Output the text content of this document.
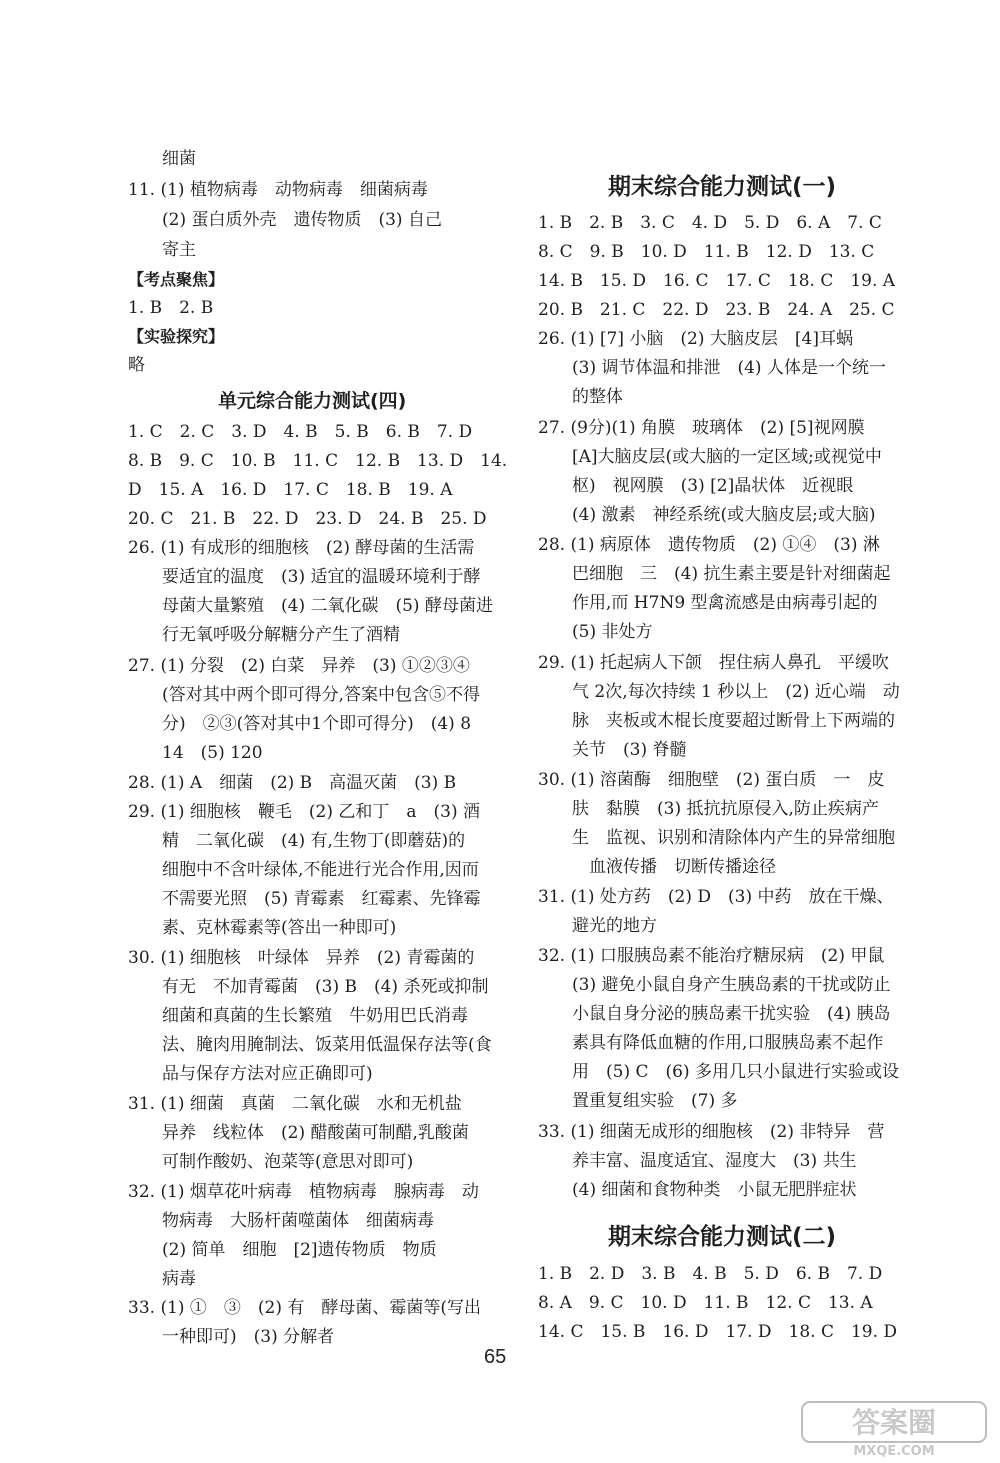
　　细菌
11. (1) 植物病毒　动物病毒　细菌病毒
　　(2) 蛋白质外壳　遗传物质　(3) 自己
　　寄主
【考点聚焦】
1. B　2. B
【实验探究】
略
单元综合能力测试(四)
1. C　2. C　3. D　4. B　5. B　6. B　7. D
8. B　9. C　10. B　11. C　12. B　13. D　14.
D　15. A　16. D　17. C　18. B　19. A
20. C　21. B　22. D　23. D　24. B　25. D
26. (1) 有成形的细胞核　(2) 酵母菌的生活需
　　要适宜的温度　(3) 适宜的温暖环境利于酵
　　母菌大量繁殖　(4) 二氧化碳　(5) 酵母菌进
　　行无氧呼吸分解糖分产生了酒精
27. (1) 分裂　(2) 白菜　异养　(3) ①②③④
　　(答对其中两个即可得分,答案中包含⑤不得
　　分)　②③(答对其中1个即可得分)　(4) 8
　　14　(5) 120
28. (1) A　细菌　(2) B　高温灭菌　(3) B
29. (1) 细胞核　鞭毛　(2) 乙和丁　a　(3) 酒
　　精　二氧化碳　(4) 有,生物丁(即蘑菇)的
　　细胞中不含叶绿体,不能进行光合作用,因而
　　不需要光照　(5) 青霉素　红霉素、先锋霉
　　素、克林霉素等(答出一种即可)
30. (1) 细胞核　叶绿体　异养　(2) 青霉菌的
　　有无　不加青霉菌　(3) B　(4) 杀死或抑制
　　细菌和真菌的生长繁殖　牛奶用巴氏消毒
　　法、腌肉用腌制法、饭菜用低温保存法等(食
　　品与保存方法对应正确即可)
31. (1) 细菌　真菌　二氧化碳　水和无机盐
　　异养　线粒体　(2) 醋酸菌可制醋,乳酸菌
　　可制作酸奶、泡菜等(意思对即可)
32. (1) 烟草花叶病毒　植物病毒　腺病毒　动
　　物病毒　大肠杆菌噬菌体　细菌病毒
　　(2) 简单　细胞　[2]遗传物质　物质
　　病毒
33. (1) ①　③　(2) 有　酵母菌、霉菌等(写出
　　一种即可)　(3) 分解者
期末综合能力测试(一)
1. B　2. B　3. C　4. D　5. D　6. A　7. C
8. C　9. B　10. D　11. B　12. D　13. C
14. B　15. D　16. C　17. C　18. C　19. A
20. B　21. C　22. D　23. B　24. A　25. C
26. (1) [7] 小脑　(2) 大脑皮层　[4]耳蜗
　　(3) 调节体温和排泄　(4) 人体是一个统一
　　的整体
27. (9分)(1) 角膜　玻璃体　(2) [5]视网膜
　　[A]大脑皮层(或大脑的一定区域;或视觉中
　　枢)　视网膜　(3) [2]晶状体　近视眼
　　(4) 激素　神经系统(或大脑皮层;或大脑)
28. (1) 病原体　遗传物质　(2) ①④　(3) 淋
　　巴细胞　三　(4) 抗生素主要是针对细菌起
　　作用,而 H7N9 型禽流感是由病毒引起的
　　(5) 非处方
29. (1) 托起病人下颌　捏住病人鼻孔　平缓吹
　　气 2次,每次持续 1 秒以上　(2) 近心端　动
　　脉　夹板或木棍长度要超过断骨上下两端的
　　关节　(3) 脊髓
30. (1) 溶菌酶　细胞壁　(2) 蛋白质　一　皮
　　肤　黏膜　(3) 抵抗抗原侵入,防止疾病产
　　生　监视、识别和清除体内产生的异常细胞
　　　血液传播　切断传播途径
31. (1) 处方药　(2) D　(3) 中药　放在干燥、
　　避光的地方
32. (1) 口服胰岛素不能治疗糖尿病　(2) 甲鼠
　　(3) 避免小鼠自身产生胰岛素的干扰或防止
　　小鼠自身分泌的胰岛素干扰实验　(4) 胰岛
　　素具有降低血糖的作用,口服胰岛素不起作
　　用　(5) C　(6) 多用几只小鼠进行实验或设
　　置重复组实验　(7) 多
33. (1) 细菌无成形的细胞核　(2) 非特异　营
　　养丰富、温度适宜、湿度大　(3) 共生
　　(4) 细菌和食物种类　小鼠无肥胖症状
期末综合能力测试(二)
1. B　2. D　3. B　4. B　5. D　6. B　7. D
8. A　9. C　10. D　11. B　12. C　13. A
14. C　15. B　16. D　17. D　18. C　19. D
65
答案圈
MXQE.COM
